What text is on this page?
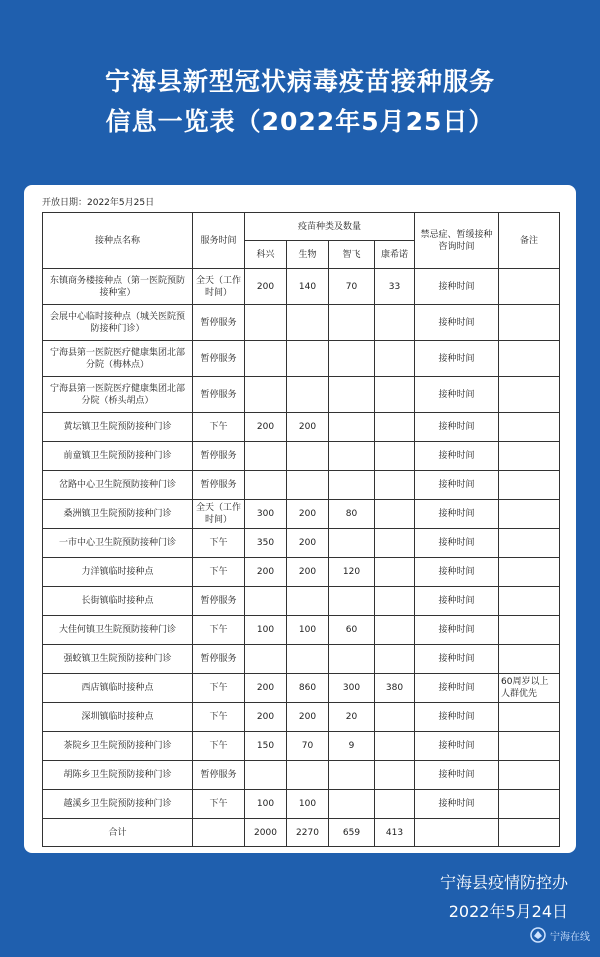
宁海县新型冠状病毒疫苗接种服务
信息一览表（2022年5月25日）
开放日期：2022年5月25日
接种点名称	服务时间	疫苗种类及数量				禁忌症、暂缓接种咨询时间	备注
		科兴	生物	智飞	康希诺		
东镇商务楼接种点（第一医院预防接种室）	全天（工作时间）	200	140	70	33	接种时间	
会展中心临时接种点（城关医院预防接种门诊）	暂停服务					接种时间	
宁海县第一医院医疗健康集团北部分院（梅林点）	暂停服务					接种时间	
宁海县第一医院医疗健康集团北部分院（桥头胡点）	暂停服务					接种时间	
黄坛镇卫生院预防接种门诊	下午	200	200			接种时间	
前童镇卫生院预防接种门诊	暂停服务					接种时间	
岔路中心卫生院预防接种门诊	暂停服务					接种时间	
桑洲镇卫生院预防接种门诊	全天（工作时间）	300	200	80		接种时间	
一市中心卫生院预防接种门诊	下午	350	200			接种时间	
力洋镇临时接种点	下午	200	200	120		接种时间	
长街镇临时接种点	暂停服务					接种时间	
大佳何镇卫生院预防接种门诊	下午	100	100	60		接种时间	
强蛟镇卫生院预防接种门诊	暂停服务					接种时间	
西店镇临时接种点	下午	200	860	300	380	接种时间	60周岁以上人群优先
深圳镇临时接种点	下午	200	200	20		接种时间	
茶院乡卫生院预防接种门诊	下午	150	70	9		接种时间	
胡陈乡卫生院预防接种门诊	暂停服务					接种时间	
越溪乡卫生院预防接种门诊	下午	100	100			接种时间	
合计		2000	2270	659	413		
宁海县疫情防控办
2022年5月24日
宁海在线
